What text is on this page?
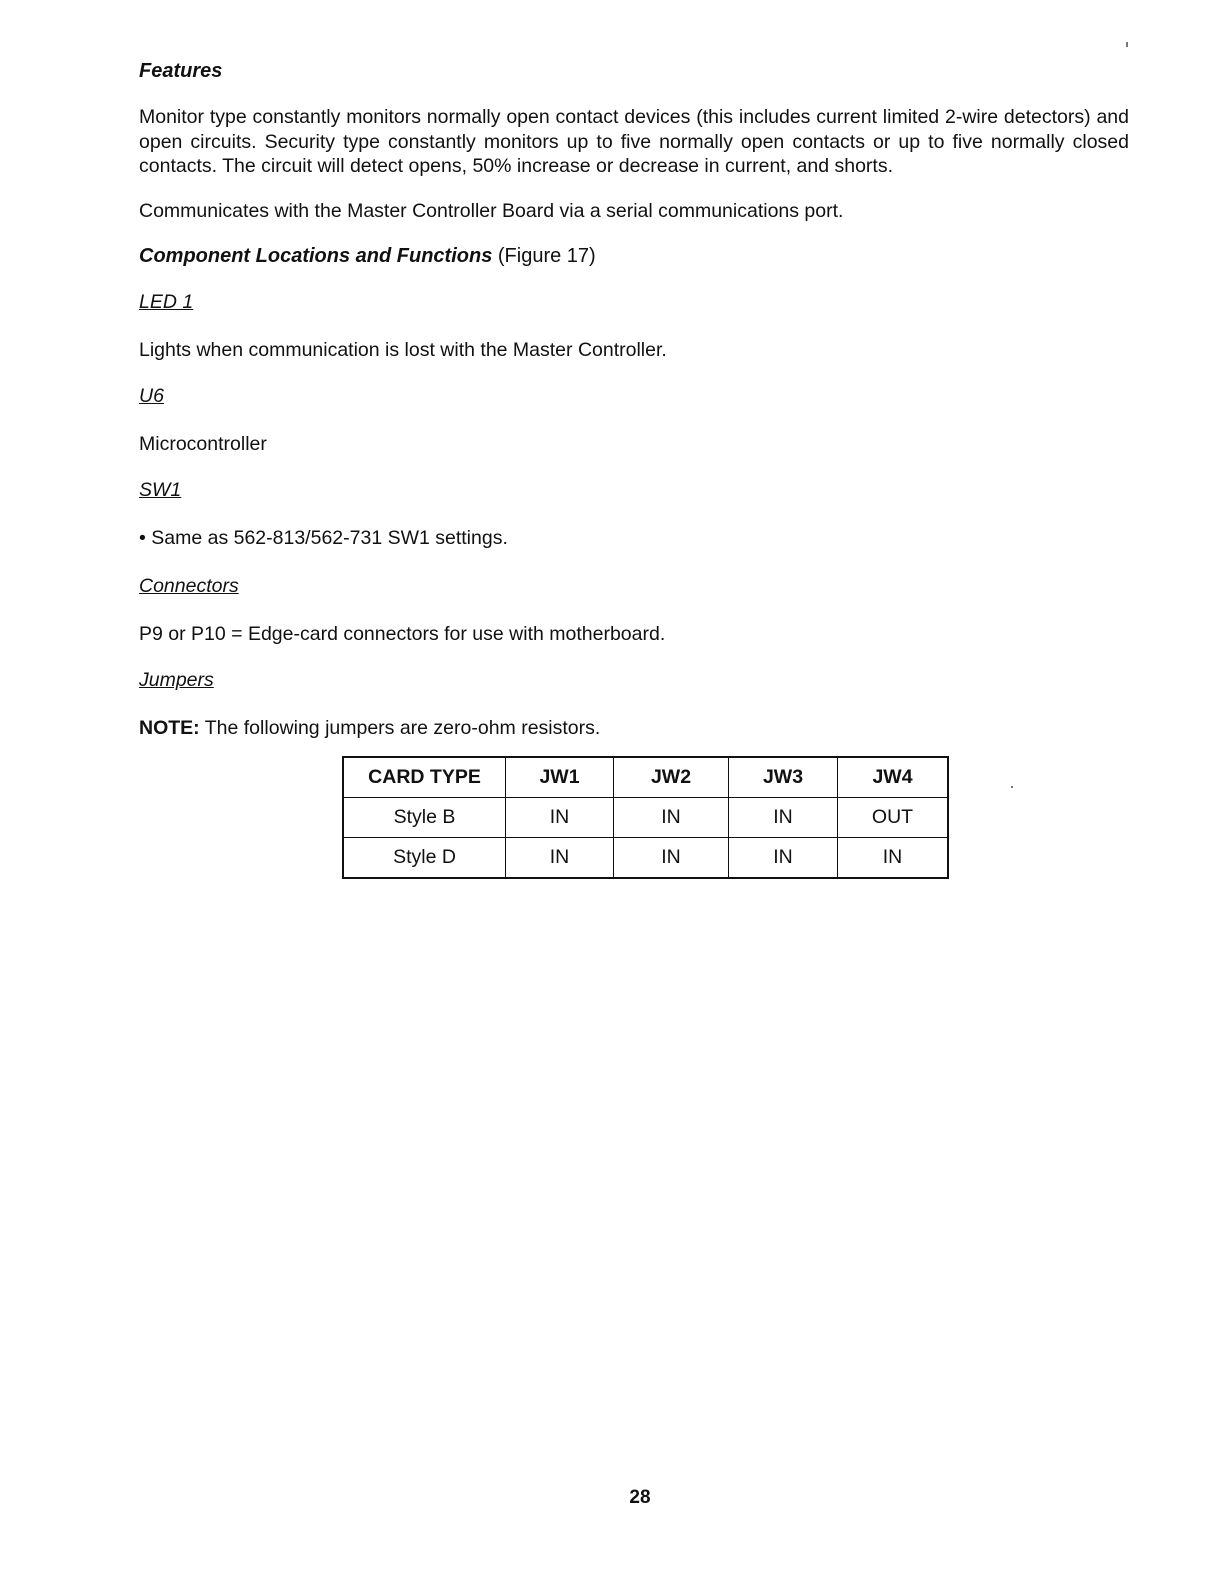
Features

Monitor type constantly monitors normally open contact devices (this includes current limited 2-wire detectors) and open circuits. Security type constantly monitors up to five normally open contacts or up to five normally closed contacts. The circuit will detect opens, 50% increase or decrease in current, and shorts.

Communicates with the Master Controller Board via a serial communications port.

Component Locations and Functions (Figure 17)
LED 1
Lights when communication is lost with the Master Controller.
U6
Microcontroller
SW1
• Same as 562-813/562-731 SW1 settings.
Connectors
P9 or P10 = Edge-card connectors for use with motherboard.
Jumpers
NOTE: The following jumpers are zero-ohm resistors.
CARD TYPE	JW1	JW2	JW3	JW4
Style B	IN	IN	IN	OUT
Style D	IN	IN	IN	IN
28
